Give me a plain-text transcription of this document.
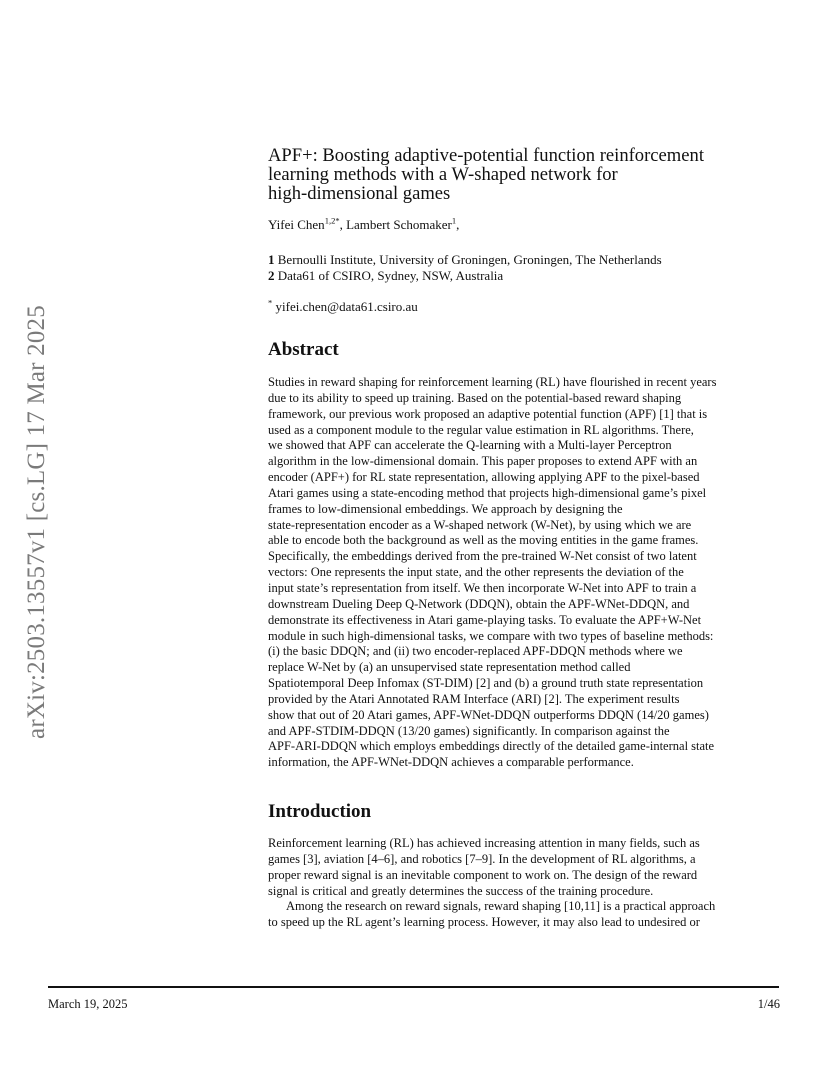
arXiv:2503.13557v1 [cs.LG] 17 Mar 2025
APF+: Boosting adaptive-potential function reinforcement
learning methods with a W-shaped network for
high-dimensional games
Yifei Chen$^{1,2*}$, Lambert Schomaker$^1$,
1 Bernoulli Institute, University of Groningen, Groningen, The Netherlands
2 Data61 of CSIRO, Sydney, NSW, Australia
* yifei.chen@data61.csiro.au
Abstract
Studies in reward shaping for reinforcement learning (RL) have flourished in recent years
due to its ability to speed up training. Based on the potential-based reward shaping
framework, our previous work proposed an adaptive potential function (APF) [1] that is
used as a component module to the regular value estimation in RL algorithms. There,
we showed that APF can accelerate the Q-learning with a Multi-layer Perceptron
algorithm in the low-dimensional domain. This paper proposes to extend APF with an
encoder (APF+) for RL state representation, allowing applying APF to the pixel-based
Atari games using a state-encoding method that projects high-dimensional game’s pixel
frames to low-dimensional embeddings. We approach by designing the
state-representation encoder as a W-shaped network (W-Net), by using which we are
able to encode both the background as well as the moving entities in the game frames.
Specifically, the embeddings derived from the pre-trained W-Net consist of two latent
vectors: One represents the input state, and the other represents the deviation of the
input state’s representation from itself. We then incorporate W-Net into APF to train a
downstream Dueling Deep Q-Network (DDQN), obtain the APF-WNet-DDQN, and
demonstrate its effectiveness in Atari game-playing tasks. To evaluate the APF+W-Net
module in such high-dimensional tasks, we compare with two types of baseline methods:
(i) the basic DDQN; and (ii) two encoder-replaced APF-DDQN methods where we
replace W-Net by (a) an unsupervised state representation method called
Spatiotemporal Deep Infomax (ST-DIM) [2] and (b) a ground truth state representation
provided by the Atari Annotated RAM Interface (ARI) [2]. The experiment results
show that out of 20 Atari games, APF-WNet-DDQN outperforms DDQN (14/20 games)
and APF-STDIM-DDQN (13/20 games) significantly. In comparison against the
APF-ARI-DDQN which employs embeddings directly of the detailed game-internal state
information, the APF-WNet-DDQN achieves a comparable performance.
Introduction
Reinforcement learning (RL) has achieved increasing attention in many fields, such as
games [3], aviation [4–6], and robotics [7–9]. In the development of RL algorithms, a
proper reward signal is an inevitable component to work on. The design of the reward
signal is critical and greatly determines the success of the training procedure.
Among the research on reward signals, reward shaping [10,11] is a practical approach
to speed up the RL agent’s learning process. However, it may also lead to undesired or
March 19, 2025	1/46
